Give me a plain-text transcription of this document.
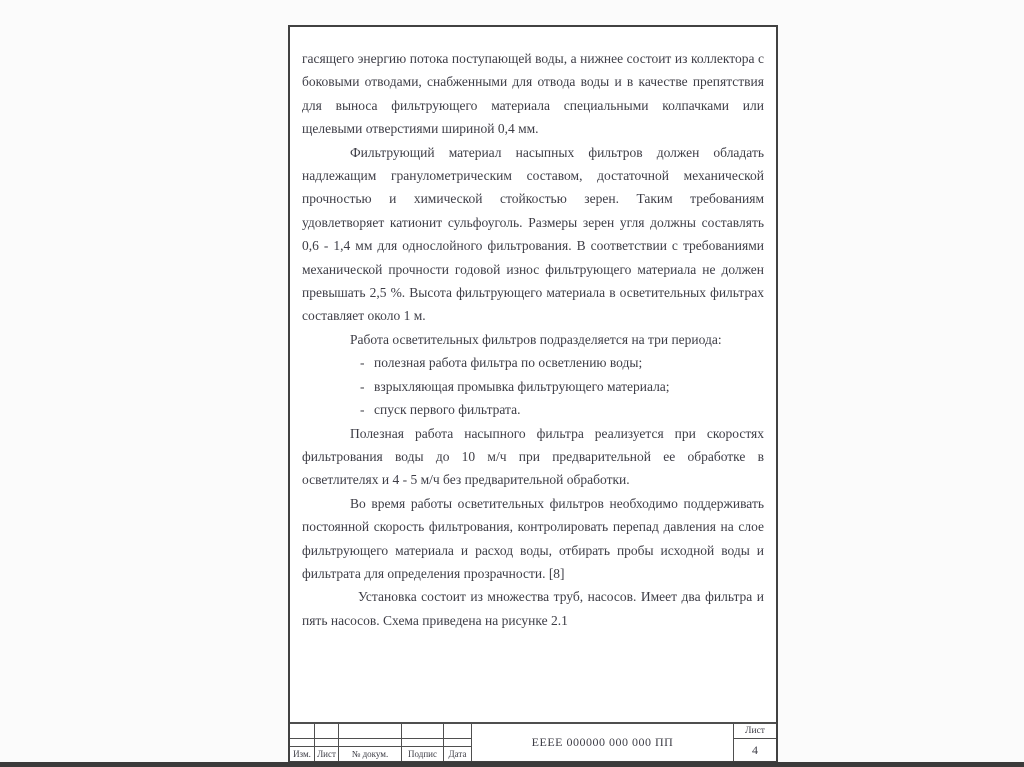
гасящего энергию потока поступающей воды, а нижнее состоит из коллектора с боковыми отводами, снабженными для отвода воды и в качестве препятствия для выноса фильтрующего материала специальными колпачками или щелевыми отверстиями шириной 0,4 мм.

Фильтрующий материал насыпных фильтров должен обладать надлежащим гранулометрическим составом, достаточной механической прочностью и химической стойкостью зерен. Таким требованиям удовлетворяет катионит сульфоуголь. Размеры зерен угля должны составлять 0,6 - 1,4 мм для однослойного фильтрования. В соответствии с требованиями механической прочности годовой износ фильтрующего материала не должен превышать 2,5 %. Высота фильтрующего материала в осветительных фильтрах составляет около 1 м.

Работа осветительных фильтров подразделяется на три периода:

- полезная работа фильтра по осветлению воды;
- взрыхляющая промывка фильтрующего материала;
- спуск первого фильтрата.

Полезная работа насыпного фильтра реализуется при скоростях фильтрования воды до 10 м/ч при предварительной ее обработке в осветлителях и 4 - 5 м/ч без предварительной обработки.

Во время работы осветительных фильтров необходимо поддерживать постоянной скорость фильтрования, контролировать перепад давления на слое фильтрующего материала и расход воды, отбирать пробы исходной воды и фильтрата для определения прозрачности. [8]

Установка состоит из множества труб, насосов. Имеет два фильтра и пять насосов. Схема приведена на рисунке 2.1

Изм. Лист	№ докум.	Подпис	Дата
ЕЕЕЕ 000000 000 000 ПП
Лист
4
